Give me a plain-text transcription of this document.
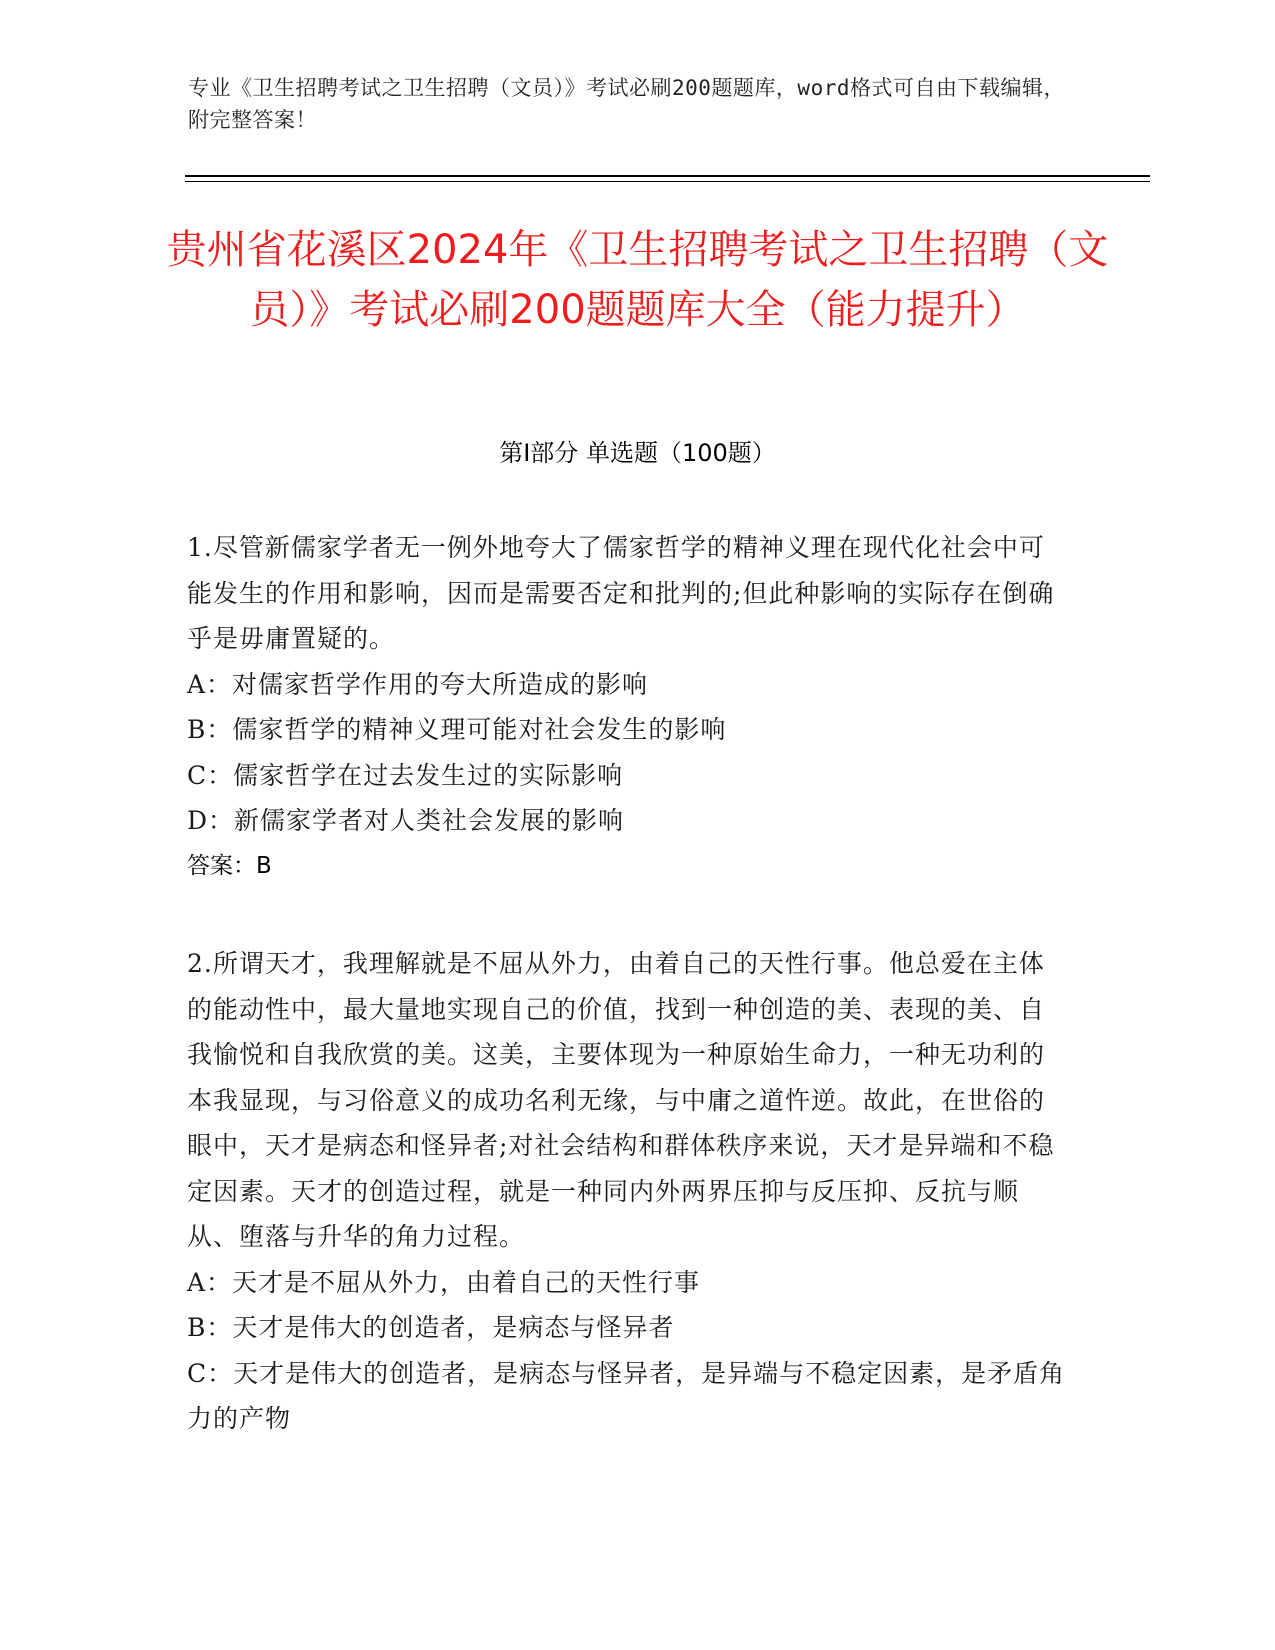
专业《卫生招聘考试之卫生招聘（文员）》考试必刷200题题库，word格式可自由下载编辑，附完整答案！
贵州省花溪区2024年《卫生招聘考试之卫生招聘（文员）》考试必刷200题题库大全（能力提升）
第I部分 单选题（100题）
1.尽管新儒家学者无一例外地夸大了儒家哲学的精神义理在现代化社会中可能发生的作用和影响，因而是需要否定和批判的;但此种影响的实际存在倒确乎是毋庸置疑的。
A：对儒家哲学作用的夸大所造成的影响
B：儒家哲学的精神义理可能对社会发生的影响
C：儒家哲学在过去发生过的实际影响
D：新儒家学者对人类社会发展的影响
答案：B
2.所谓天才，我理解就是不屈从外力，由着自己的天性行事。他总爱在主体的能动性中，最大量地实现自己的价值，找到一种创造的美、表现的美、自我愉悦和自我欣赏的美。这美，主要体现为一种原始生命力，一种无功利的本我显现，与习俗意义的成功名利无缘，与中庸之道忤逆。故此，在世俗的眼中，天才是病态和怪异者;对社会结构和群体秩序来说，天才是异端和不稳定因素。天才的创造过程，就是一种同内外两界压抑与反压抑、反抗与顺从、堕落与升华的角力过程。
A：天才是不屈从外力，由着自己的天性行事
B：天才是伟大的创造者，是病态与怪异者
C：天才是伟大的创造者，是病态与怪异者，是异端与不稳定因素，是矛盾角力的产物
